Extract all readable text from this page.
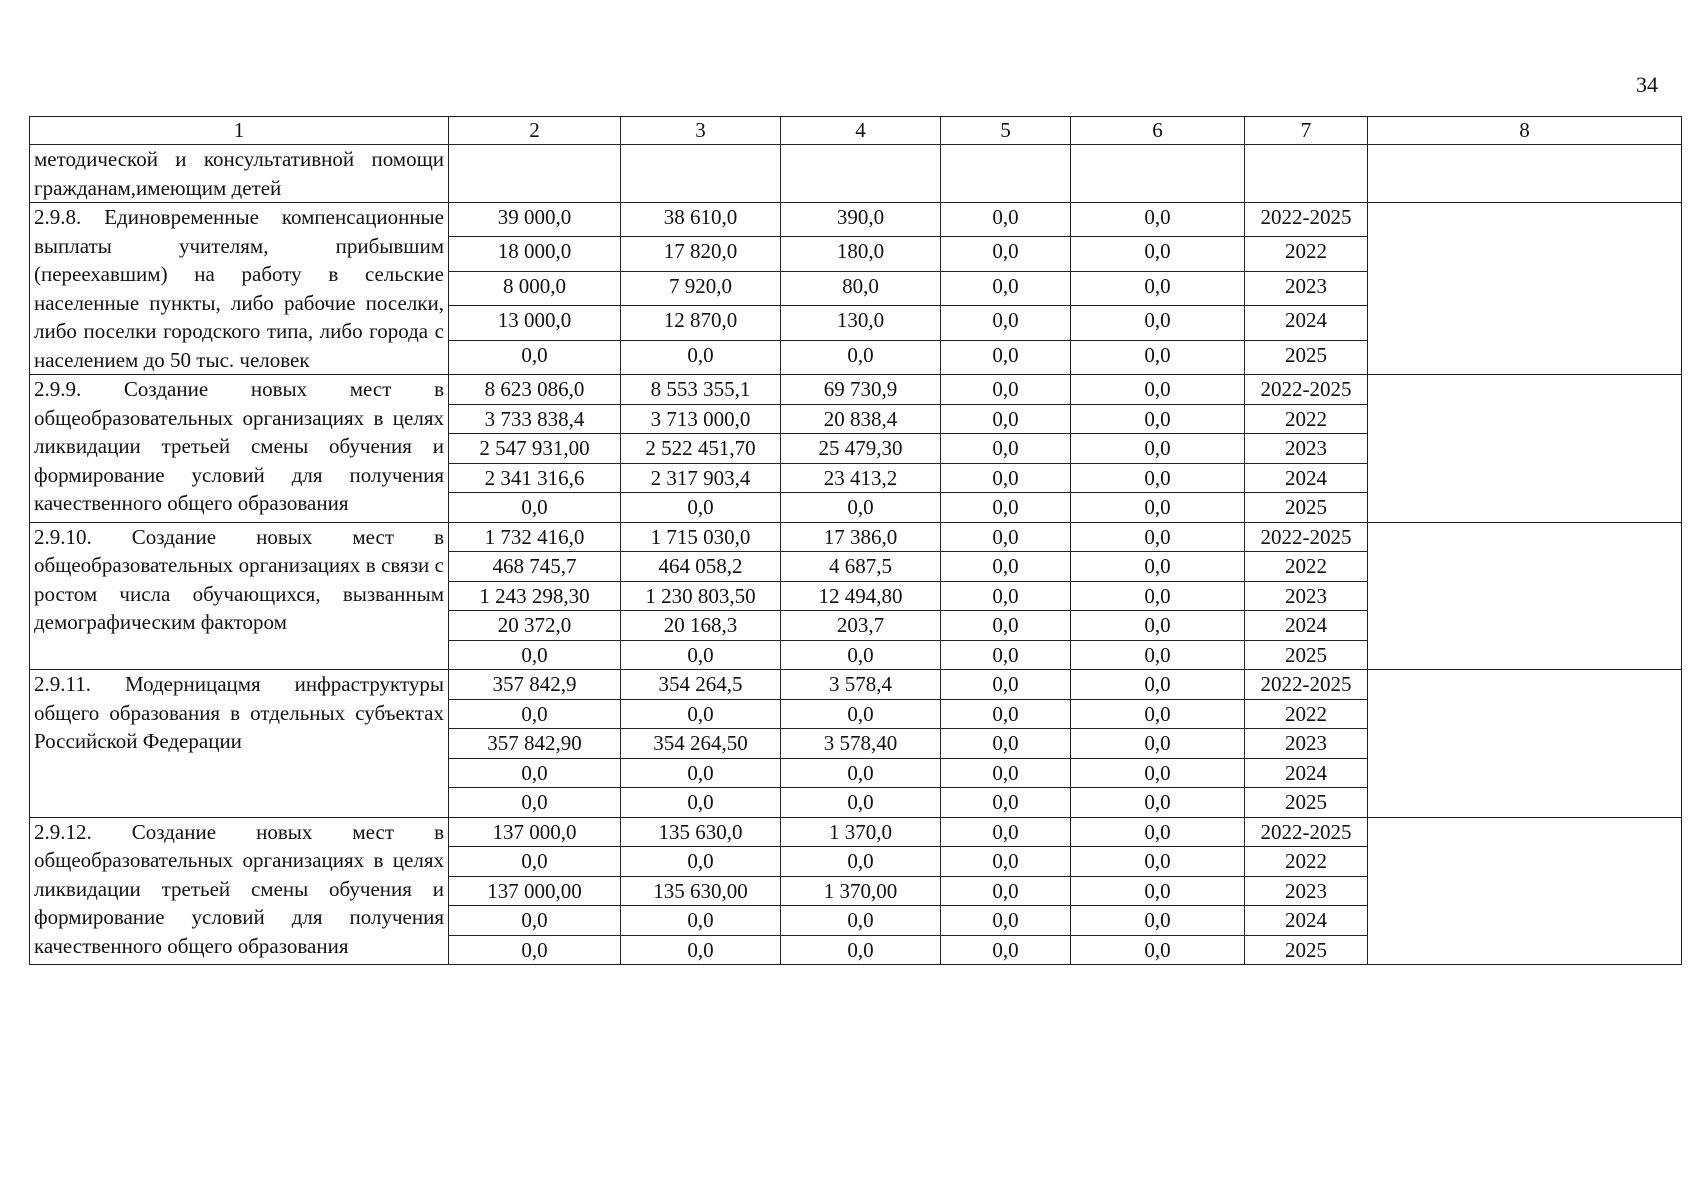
34
1	2	3	4	5	6	7	8
методической и консультативной помощи гражданам,имеющим детей							
2.9.8. Единовременные компенсационные выплаты учителям, прибывшим (переехавшим) на работу в сельские населенные пункты, либо рабочие поселки, либо поселки городского типа, либо города с населением до 50 тыс. человек	39 000,0	38 610,0	390,0	0,0	0,0	2022-2025	
	18 000,0	17 820,0	180,0	0,0	0,0	2022	
	8 000,0	7 920,0	80,0	0,0	0,0	2023	
	13 000,0	12 870,0	130,0	0,0	0,0	2024	
	0,0	0,0	0,0	0,0	0,0	2025	
2.9.9. Создание новых мест в общеобразовательных организациях в целях ликвидации третьей смены обучения и формирование условий для получения качественного общего образования	8 623 086,0	8 553 355,1	69 730,9	0,0	0,0	2022-2025	
	3 733 838,4	3 713 000,0	20 838,4	0,0	0,0	2022	
	2 547 931,00	2 522 451,70	25 479,30	0,0	0,0	2023	
	2 341 316,6	2 317 903,4	23 413,2	0,0	0,0	2024	
	0,0	0,0	0,0	0,0	0,0	2025	
2.9.10. Создание новых мест в общеобразовательных организациях в связи с ростом числа обучающихся, вызванным демографическим фактором	1 732 416,0	1 715 030,0	17 386,0	0,0	0,0	2022-2025	
	468 745,7	464 058,2	4 687,5	0,0	0,0	2022	
	1 243 298,30	1 230 803,50	12 494,80	0,0	0,0	2023	
	20 372,0	20 168,3	203,7	0,0	0,0	2024	
	0,0	0,0	0,0	0,0	0,0	2025	
2.9.11. Модерницацмя инфраструктуры общего образования в отдельных субъектах Российской Федерации	357 842,9	354 264,5	3 578,4	0,0	0,0	2022-2025	
	0,0	0,0	0,0	0,0	0,0	2022	
	357 842,90	354 264,50	3 578,40	0,0	0,0	2023	
	0,0	0,0	0,0	0,0	0,0	2024	
	0,0	0,0	0,0	0,0	0,0	2025	
2.9.12. Создание новых мест в общеобразовательных организациях в целях ликвидации третьей смены обучения и формирование условий для получения качественного общего образования	137 000,0	135 630,0	1 370,0	0,0	0,0	2022-2025	
	0,0	0,0	0,0	0,0	0,0	2022	
	137 000,00	135 630,00	1 370,00	0,0	0,0	2023	
	0,0	0,0	0,0	0,0	0,0	2024	
	0,0	0,0	0,0	0,0	0,0	2025	
